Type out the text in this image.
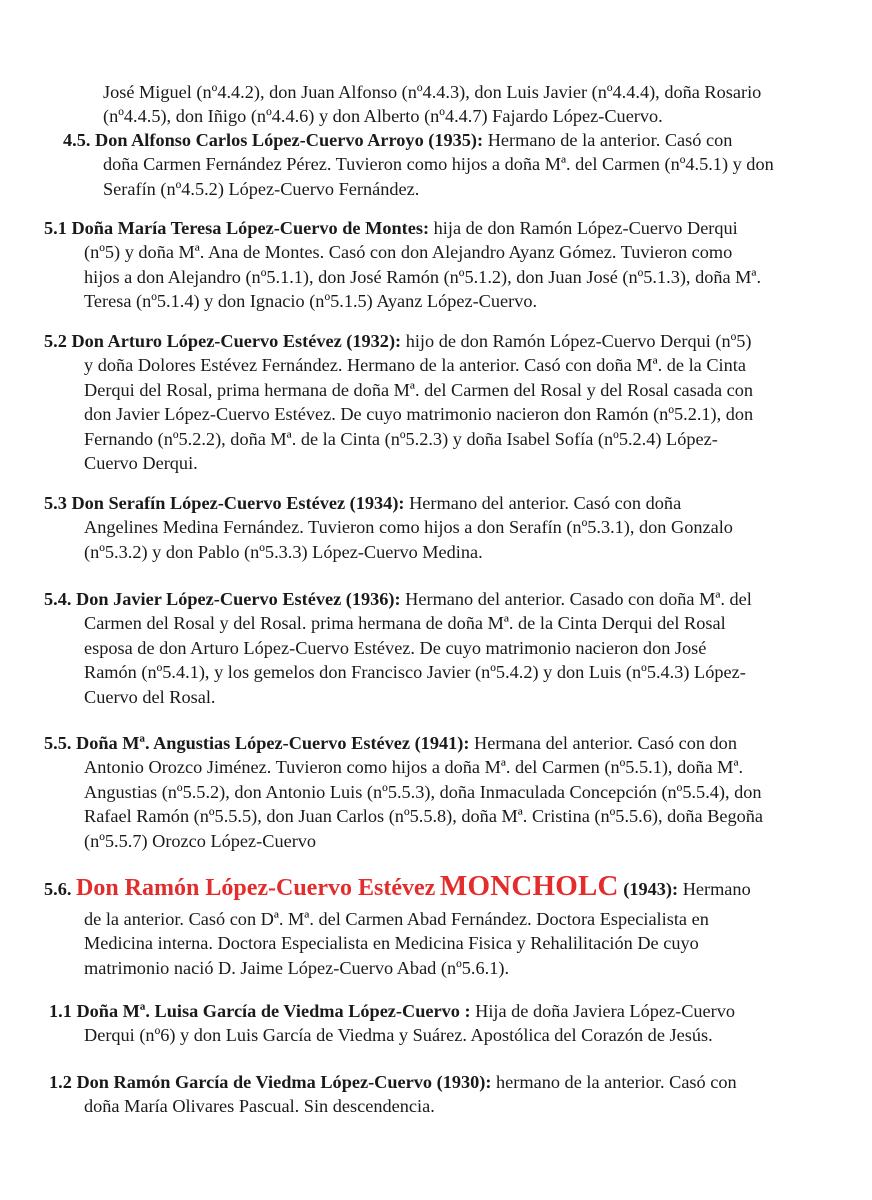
José Miguel (nº4.4.2), don Juan Alfonso (nº4.4.3), don Luis Javier (nº4.4.4), doña Rosario
(nº4.4.5), don Iñigo (nº4.4.6) y don Alberto (nº4.4.7) Fajardo López-Cuervo.
4.5. Don Alfonso Carlos López-Cuervo Arroyo (1935): Hermano de la anterior. Casó con
doña Carmen Fernández Pérez. Tuvieron como hijos a doña Mª. del Carmen (nº4.5.1) y don
Serafín (nº4.5.2) López-Cuervo Fernández.
5.1 Doña María Teresa López-Cuervo de Montes: hija de don Ramón López-Cuervo Derqui
(nº5) y doña Mª. Ana de Montes. Casó con don Alejandro Ayanz Gómez. Tuvieron como
hijos a don Alejandro (nº5.1.1), don José Ramón (nº5.1.2), don Juan José (nº5.1.3), doña Mª.
Teresa (nº5.1.4) y don Ignacio (nº5.1.5) Ayanz López-Cuervo.
5.2 Don Arturo López-Cuervo Estévez (1932): hijo de don Ramón López-Cuervo Derqui (nº5)
y doña Dolores Estévez Fernández. Hermano de la anterior. Casó con doña Mª. de la Cinta
Derqui del Rosal, prima hermana de doña Mª. del Carmen del Rosal y del Rosal casada con
don Javier López-Cuervo Estévez. De cuyo matrimonio nacieron don Ramón (nº5.2.1), don
Fernando (nº5.2.2), doña Mª. de la Cinta (nº5.2.3) y doña Isabel Sofía (nº5.2.4) López-
Cuervo Derqui.
5.3 Don Serafín López-Cuervo Estévez (1934): Hermano del anterior. Casó con doña
Angelines Medina Fernández. Tuvieron como hijos a don Serafín (nº5.3.1), don Gonzalo
(nº5.3.2) y don Pablo (nº5.3.3) López-Cuervo Medina.
5.4. Don Javier López-Cuervo Estévez (1936): Hermano del anterior. Casado con doña Mª. del
Carmen del Rosal y del Rosal. prima hermana de doña Mª. de la Cinta Derqui del Rosal
esposa de don Arturo López-Cuervo Estévez. De cuyo matrimonio nacieron don José
Ramón (nº5.4.1), y los gemelos don Francisco Javier (nº5.4.2) y don Luis (nº5.4.3) López-
Cuervo del Rosal.
5.5. Doña Mª. Angustias López-Cuervo Estévez (1941): Hermana del anterior. Casó con don
Antonio Orozco Jiménez. Tuvieron como hijos a doña Mª. del Carmen (nº5.5.1), doña Mª.
Angustias (nº5.5.2), don Antonio Luis (nº5.5.3), doña Inmaculada Concepción (nº5.5.4), don
Rafael Ramón (nº5.5.5), don Juan Carlos (nº5.5.8), doña Mª. Cristina (nº5.5.6), doña Begoña
(nº5.5.7) Orozco López-Cuervo
5.6. Don Ramón López-Cuervo Estévez MONCHOLC (1943): Hermano
de la anterior. Casó con Dª. Mª. del Carmen Abad Fernández. Doctora Especialista en
Medicina interna. Doctora Especialista en Medicina Fisica y Rehalilitación De cuyo
matrimonio nació D. Jaime López-Cuervo Abad (nº5.6.1).
1.1 Doña Mª. Luisa García de Viedma López-Cuervo : Hija de doña Javiera López-Cuervo
Derqui (nº6) y don Luis García de Viedma y Suárez. Apostólica del Corazón de Jesús.
1.2 Don Ramón García de Viedma López-Cuervo (1930): hermano de la anterior. Casó con
doña María Olivares Pascual. Sin descendencia.
